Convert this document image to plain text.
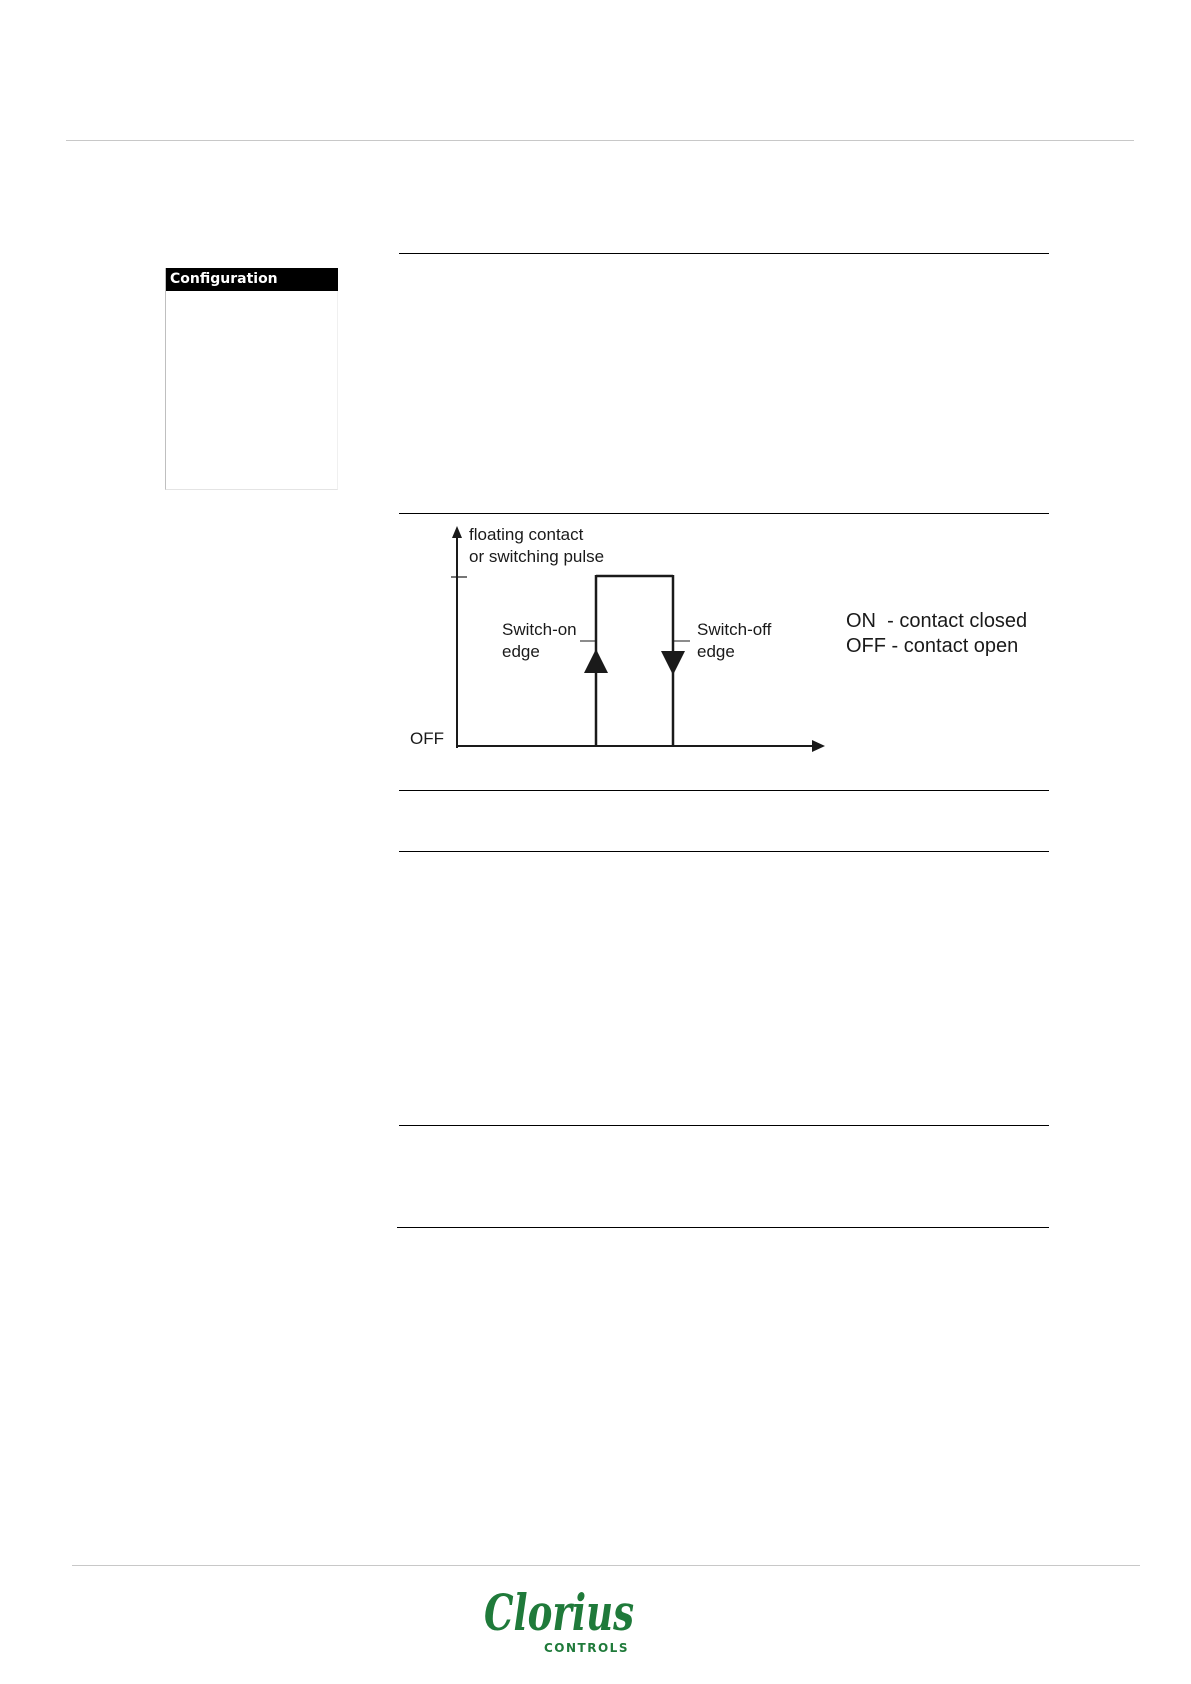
Configuration
floating contact
or switching pulse
OFF
Switch-on
edge
Switch-off
edge
ON  - contact closed
OFF - contact open
Clorius
CONTROLS
